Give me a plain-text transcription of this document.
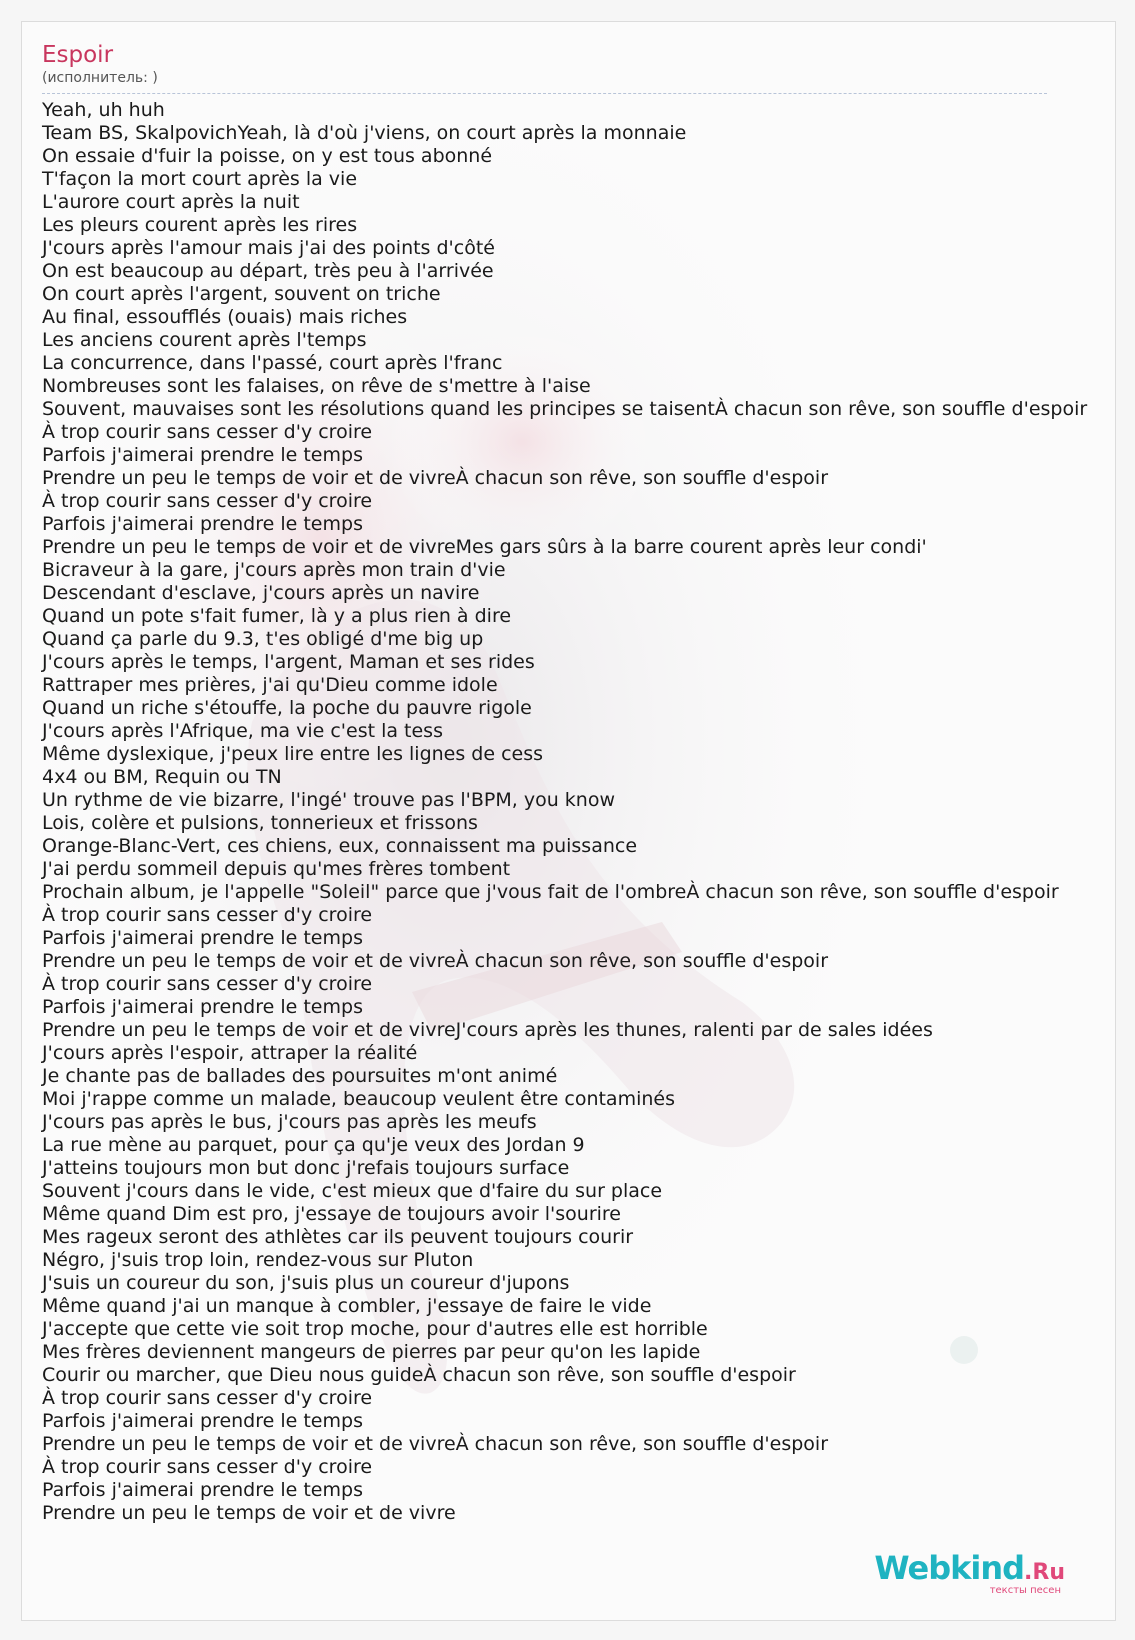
Espoir
(исполнитель: )
Yeah, uh huh
Team BS, SkalpovichYeah, là d'où j'viens, on court après la monnaie
On essaie d'fuir la poisse, on y est tous abonné
T'façon la mort court après la vie
L'aurore court après la nuit
Les pleurs courent après les rires
J'cours après l'amour mais j'ai des points d'côté
On est beaucoup au départ, très peu à l'arrivée
On court après l'argent, souvent on triche
Au final, essoufflés (ouais) mais riches
Les anciens courent après l'temps
La concurrence, dans l'passé, court après l'franc
Nombreuses sont les falaises, on rêve de s'mettre à l'aise
Souvent, mauvaises sont les résolutions quand les principes se taisentÀ chacun son rêve, son souffle d'espoir
À trop courir sans cesser d'y croire
Parfois j'aimerai prendre le temps
Prendre un peu le temps de voir et de vivreÀ chacun son rêve, son souffle d'espoir
À trop courir sans cesser d'y croire
Parfois j'aimerai prendre le temps
Prendre un peu le temps de voir et de vivreMes gars sûrs à la barre courent après leur condi'
Bicraveur à la gare, j'cours après mon train d'vie
Descendant d'esclave, j'cours après un navire
Quand un pote s'fait fumer, là y a plus rien à dire
Quand ça parle du 9.3, t'es obligé d'me big up
J'cours après le temps, l'argent, Maman et ses rides
Rattraper mes prières, j'ai qu'Dieu comme idole
Quand un riche s'étouffe, la poche du pauvre rigole
J'cours après l'Afrique, ma vie c'est la tess
Même dyslexique, j'peux lire entre les lignes de cess
4x4 ou BM, Requin ou TN
Un rythme de vie bizarre, l'ingé' trouve pas l'BPM, you know
Lois, colère et pulsions, tonnerieux et frissons
Orange-Blanc-Vert, ces chiens, eux, connaissent ma puissance
J'ai perdu sommeil depuis qu'mes frères tombent
Prochain album, je l'appelle "Soleil" parce que j'vous fait de l'ombreÀ chacun son rêve, son souffle d'espoir
À trop courir sans cesser d'y croire
Parfois j'aimerai prendre le temps
Prendre un peu le temps de voir et de vivreÀ chacun son rêve, son souffle d'espoir
À trop courir sans cesser d'y croire
Parfois j'aimerai prendre le temps
Prendre un peu le temps de voir et de vivreJ'cours après les thunes, ralenti par de sales idées
J'cours après l'espoir, attraper la réalité
Je chante pas de ballades des poursuites m'ont animé
Moi j'rappe comme un malade, beaucoup veulent être contaminés
J'cours pas après le bus, j'cours pas après les meufs
La rue mène au parquet, pour ça qu'je veux des Jordan 9
J'atteins toujours mon but donc j'refais toujours surface
Souvent j'cours dans le vide, c'est mieux que d'faire du sur place
Même quand Dim est pro, j'essaye de toujours avoir l'sourire
Mes rageux seront des athlètes car ils peuvent toujours courir
Négro, j'suis trop loin, rendez-vous sur Pluton
J'suis un coureur du son, j'suis plus un coureur d'jupons
Même quand j'ai un manque à combler, j'essaye de faire le vide
J'accepte que cette vie soit trop moche, pour d'autres elle est horrible
Mes frères deviennent mangeurs de pierres par peur qu'on les lapide
Courir ou marcher, que Dieu nous guideÀ chacun son rêve, son souffle d'espoir
À trop courir sans cesser d'y croire
Parfois j'aimerai prendre le temps
Prendre un peu le temps de voir et de vivreÀ chacun son rêve, son souffle d'espoir
À trop courir sans cesser d'y croire
Parfois j'aimerai prendre le temps
Prendre un peu le temps de voir et de vivre
Webkind.Ru
тексты песен
